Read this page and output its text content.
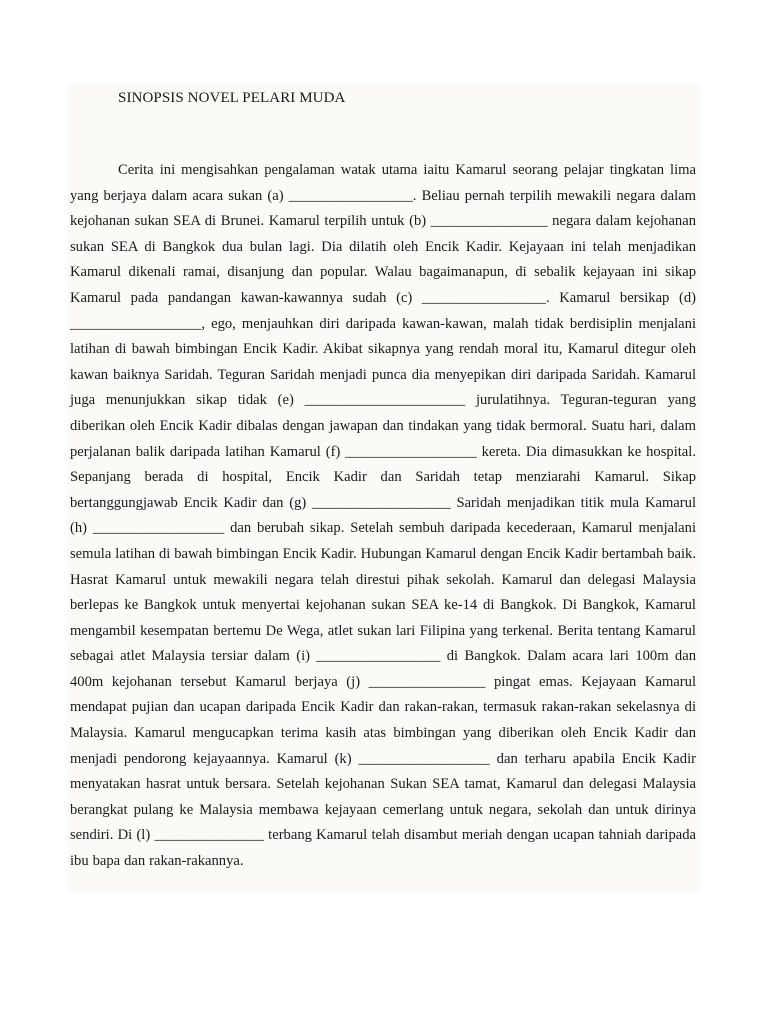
SINOPSIS NOVEL PELARI MUDA

Cerita ini mengisahkan pengalaman watak utama iaitu Kamarul seorang pelajar tingkatan lima yang berjaya dalam acara sukan (a) _________________. Beliau pernah terpilih mewakili negara dalam kejohanan sukan SEA di Brunei. Kamarul terpilih untuk (b) ________________ negara dalam kejohanan sukan SEA di Bangkok dua bulan lagi. Dia dilatih oleh Encik Kadir. Kejayaan ini telah menjadikan Kamarul dikenali ramai, disanjung dan popular. Walau bagaimanapun, di sebalik kejayaan ini sikap Kamarul pada pandangan kawan-kawannya sudah (c) _________________. Kamarul bersikap (d) __________________, ego, menjauhkan diri daripada kawan-kawan, malah tidak berdisiplin menjalani latihan di bawah bimbingan Encik Kadir. Akibat sikapnya yang rendah moral itu, Kamarul ditegur oleh kawan baiknya Saridah. Teguran Saridah menjadi punca dia menyepikan diri daripada Saridah. Kamarul juga menunjukkan sikap tidak (e) ______________________ jurulatihnya. Teguran-teguran yang diberikan oleh Encik Kadir dibalas dengan jawapan dan tindakan yang tidak bermoral. Suatu hari, dalam perjalanan balik daripada latihan Kamarul (f) __________________ kereta. Dia dimasukkan ke hospital. Sepanjang berada di hospital, Encik Kadir dan Saridah tetap menziarahi Kamarul. Sikap bertanggungjawab Encik Kadir dan (g) ___________________ Saridah menjadikan titik mula Kamarul (h) __________________ dan berubah sikap. Setelah sembuh daripada kecederaan, Kamarul menjalani semula latihan di bawah bimbingan Encik Kadir. Hubungan Kamarul dengan Encik Kadir bertambah baik. Hasrat Kamarul untuk mewakili negara telah direstui pihak sekolah. Kamarul dan delegasi Malaysia berlepas ke Bangkok untuk menyertai kejohanan sukan SEA ke-14 di Bangkok. Di Bangkok, Kamarul mengambil kesempatan bertemu De Wega, atlet sukan lari Filipina yang terkenal. Berita tentang Kamarul sebagai atlet Malaysia tersiar dalam (i) _________________ di Bangkok. Dalam acara lari 100m dan 400m kejohanan tersebut Kamarul berjaya (j) ________________ pingat emas. Kejayaan Kamarul mendapat pujian dan ucapan daripada Encik Kadir dan rakan-rakan, termasuk rakan-rakan sekelasnya di Malaysia. Kamarul mengucapkan terima kasih atas bimbingan yang diberikan oleh Encik Kadir dan menjadi pendorong kejayaannya. Kamarul (k) __________________ dan terharu apabila Encik Kadir menyatakan hasrat untuk bersara. Setelah kejohanan Sukan SEA tamat, Kamarul dan delegasi Malaysia berangkat pulang ke Malaysia membawa kejayaan cemerlang untuk negara, sekolah dan untuk dirinya sendiri. Di (l) _______________ terbang Kamarul telah disambut meriah dengan ucapan tahniah daripada ibu bapa dan rakan-rakannya.
